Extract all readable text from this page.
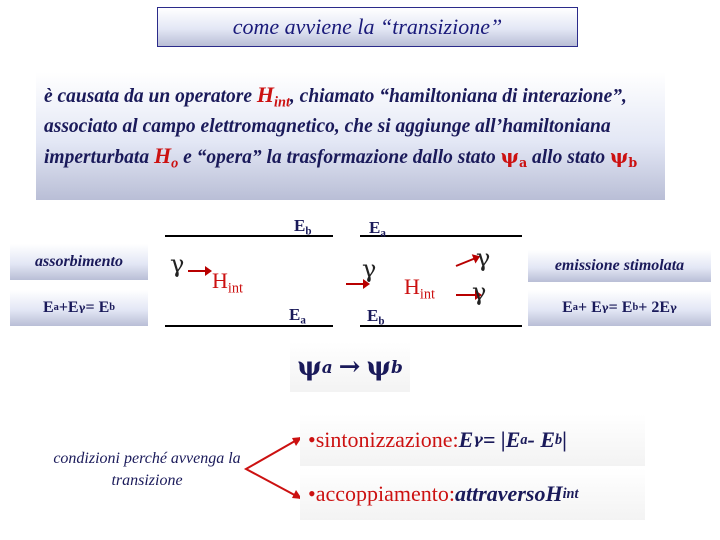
come avviene la “transizione”
è causata da un operatore $H_{int}$, chiamato “hamiltoniana di interazione”, associato al campo elettromagnetico, che si aggiunge all’hamiltoniana imperturbata $H_o$ e “opera” la trasformazione dallo stato $\psi_a$ allo stato $\psi_b$
assorbimento
E a +E γ = E b
$E_b$
$E_a$
γ
$H_{int}$
$E_a$
$E_b$
γ
$H_{int}$
γ
γ
emissione stimolata
E a + E γ = E b + 2E γ
ψ a → ψ b
condizioni perché avvenga la transizione
• sintonizzazione : E γ = |E a - E b |
• accoppiamento : attraverso H int
